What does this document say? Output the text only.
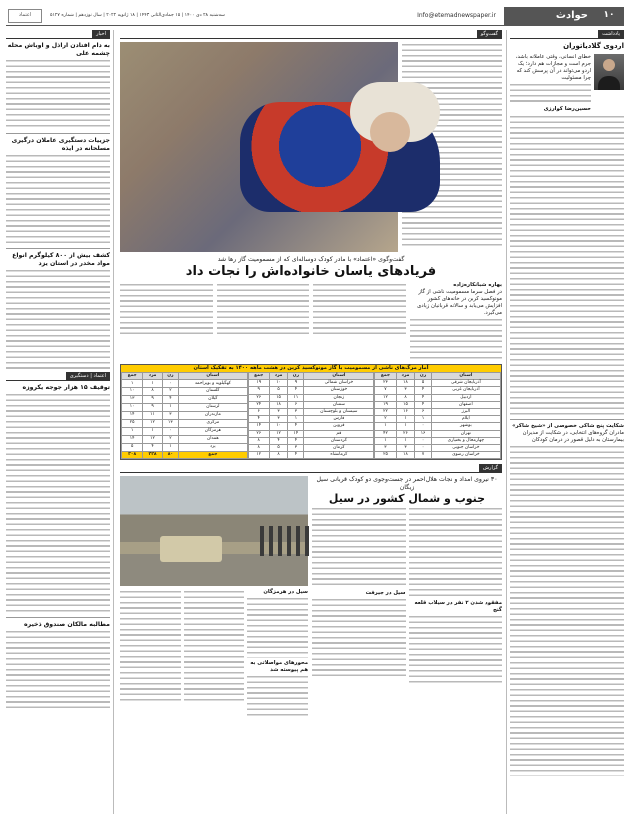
۱۰
حوادث
Info@etemadnewspaper.ir
سه‌شنبه ۲۸ دی ۱۴۰۰ | ۱۵ جمادی‌الثانی ۱۴۴۳ | ۱۸ ژانویه ۲۰۲۲ | سال نوزدهم | شماره ۵۱۲۷
اعتماد
یادداشت
اردوی گلادیاتوران
خطای انسانی، وقتی عاملانه باشد، جرم است و مجازات هم دارد؛ یک اردو می‌تواند در آن پرسش کند که چرا مسئولیت
حسین‌رضا کوارزی
شکایت پنج شاکی خصوصی از «شیخ شاکر»
مادران گروه‌های انتخابی، در شکایت از مدیران بیمارستان به دلیل قصور در درمان کودکان
گفت‌وگو
گفت‌وگوی «اعتماد» با مادر کودک دوساله‌ای که از مسمومیت گاز رها شد
فریادهای یاسان خانواده‌اش را نجات داد
بهاره شبانکاره‌زاده
در فصل سرما مسمومیت ناشی از گاز مونوکسید کربن در خانه‌های کشور افزایش می‌یابد و سالانه قربانیان زیادی می‌گیرد.
آمار مرگ‌های ناشی از مسمومیت با گاز مونوکسید کربن در هشت ماهه ۱۴۰۰ به تفکیک استان
استان	زن	مرد	جمع
آذربایجان شرقی	۵	۱۸	۲۳
آذربایجان غربی	۴	۳	۷
اردبیل	۴	۸	۱۲
اصفهان	۴	۱۵	۱۹
البرز	۶	۱۶	۲۲
ایلام	۱	۱	۲
بوشهر	۰	۱	۱
تهران	۱۶	۲۶	۴۲
چهارمحال و بختیاری	۰	۱	۱
خراسان جنوبی	۰	۳	۳
خراسان رضوی	۷	۱۸	۲۵
استان	زن	مرد	جمع
خراسان شمالی	۹	۱۰	۱۹
خوزستان	۴	۵	۹
زنجان	۱۱	۱۵	۲۶
سمنان	۶	۱۸	۲۴
سیستان و بلوچستان	۳	۳	۶
فارس	۱	۳	۴
قزوین	۴	۱۰	۱۴
قم	۱۴	۱۲	۲۶
کردستان	۴	۴	۸
کرمان	۳	۵	۸
کرمانشاه	۴	۸	۱۲
استان	زن	مرد	جمع
کهگیلویه و بویراحمد	۰	۱	۱
گلستان	۲	۸	۱۰
گیلان	۴	۹	۱۳
لرستان	۱	۹	۱۰
مازندران	۳	۱۱	۱۴
مرکزی	۱۳	۱۲	۲۵
هرمزگان	۰	۱	۱
همدان	۲	۱۲	۱۴
یزد	۱	۴	۵
جمع	۸۰	۲۲۸	۳۰۸
گزارش
۳۰ نیروی امداد و نجات هلال‌احمر در جست‌وجوی دو کودک قربانی سیل زیگان
جنوب و شمال کشور در سیل
مفقود شدن ۲ نفر در سیلاب قلعه گنج
سیل در جیرفت
سیل در هرمزگان
محورهای مواصلاتی به هم پیوسته شد
اخبار
به دام افتادن اراذل و اوباش محله چشمه علی
جزییات دستگیری عاملان درگیری مسلحانه در ایذه
کشف بیش از ۸۰۰ کیلوگرم انواع مواد مخدر در استان یزد
اعتماد | دستگیری
توقیف ۱۵ هزار جوجه یکروزه
مطالبه مالکان صندوق ذخیره
